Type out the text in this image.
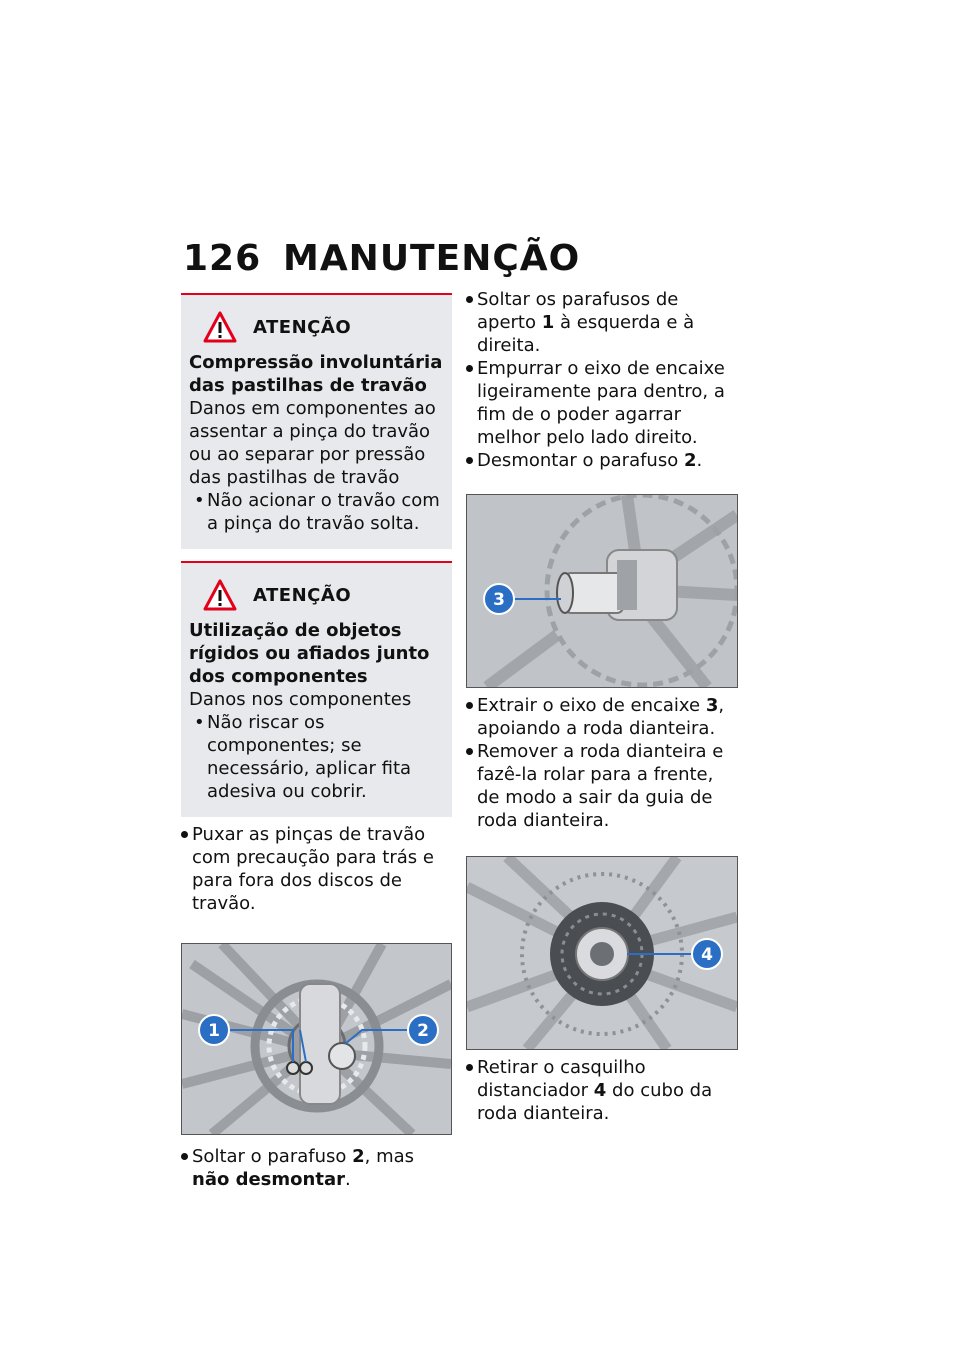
126 MANUTENÇÃO
ATENÇÃO
Compressão involuntária das pastilhas de travão
Danos em componentes ao assentar a pinça do travão ou ao separar por pressão das pastilhas de travão
• Não acionar o travão com a pinça do travão solta.
ATENÇÃO
Utilização de objetos rígidos ou afiados junto dos componentes
Danos nos componentes
• Não riscar os componentes; se necessário, aplicar fita adesiva ou cobrir.
Puxar as pinças de travão com precaução para trás e para fora dos discos de travão.
1	2
Soltar o parafuso 2, mas não desmontar.
Soltar os parafusos de aperto 1 à esquerda e à direita.
Empurrar o eixo de encaixe ligeiramente para dentro, a fim de o poder agarrar melhor pelo lado direito.
Desmontar o parafuso 2.
3
Extrair o eixo de encaixe 3, apoiando a roda dianteira.
Remover a roda dianteira e fazê-la rolar para a frente, de modo a sair da guia de roda dianteira.
4
Retirar o casquilho distanciador 4 do cubo da roda dianteira.
